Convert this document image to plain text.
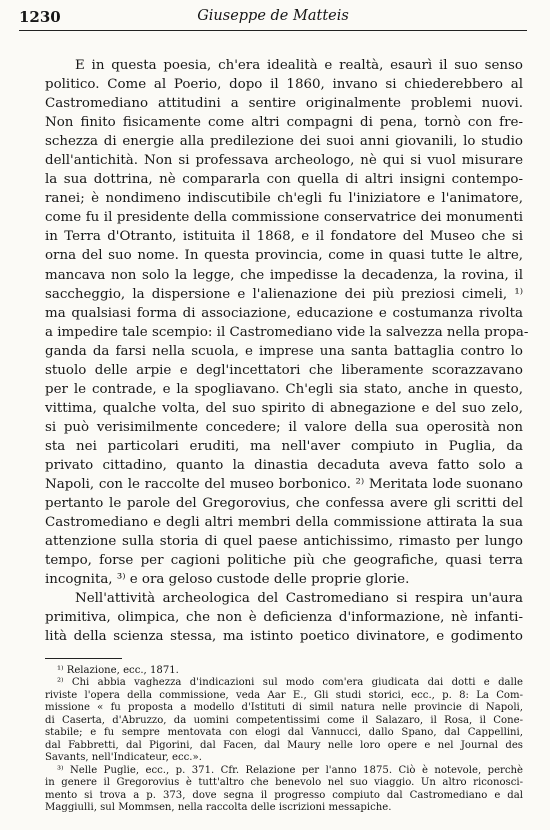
1230	Giuseppe de Matteis
E in questa poesia, ch'era idealità e realtà, esaurì il suo senso
politico. Come al Poerio, dopo il 1860, invano si chiederebbero al
Castromediano attitudini a sentire originalmente problemi nuovi.
Non finito fisicamente come altri compagni di pena, tornò con fre-
schezza di energie alla predilezione dei suoi anni giovanili, lo studio
dell'antichità. Non si professava archeologo, nè qui si vuol misurare
la sua dottrina, nè compararla con quella di altri insigni contempo-
ranei; è nondimeno indiscutibile ch'egli fu l'iniziatore e l'animatore,
come fu il presidente della commissione conservatrice dei monumenti
in Terra d'Otranto, istituita il 1868, e il fondatore del Museo che si
orna del suo nome. In questa provincia, come in quasi tutte le altre,
mancava non solo la legge, che impedisse la decadenza, la rovina, il
saccheggio, la dispersione e l'alienazione dei più preziosi cimeli, ¹⁾
ma qualsiasi forma di associazione, educazione e costumanza rivolta
a impedire tale scempio: il Castromediano vide la salvezza nella propa-
ganda da farsi nella scuola, e imprese una santa battaglia contro lo
stuolo delle arpie e degl'incettatori che liberamente scorazzavano
per le contrade, e la spogliavano. Ch'egli sia stato, anche in questo,
vittima, qualche volta, del suo spirito di abnegazione e del suo zelo,
si può verisimilmente concedere; il valore della sua operosità non
sta nei particolari eruditi, ma nell'aver compiuto in Puglia, da
privato cittadino, quanto la dinastia decaduta aveva fatto solo a
Napoli, con le raccolte del museo borbonico. ²⁾ Meritata lode suonano
pertanto le parole del Gregorovius, che confessa avere gli scritti del
Castromediano e degli altri membri della commissione attirata la sua
attenzione sulla storia di quel paese antichissimo, rimasto per lungo
tempo, forse per cagioni politiche più che geografiche, quasi terra
incognita, ³⁾ e ora geloso custode delle proprie glorie.
Nell'attività archeologica del Castromediano si respira un'aura
primitiva, olimpica, che non è deficienza d'informazione, nè infanti-
lità della scienza stessa, ma istinto poetico divinatore, e godimento
¹⁾ Relazione, ecc., 1871.
²⁾ Chi abbia vaghezza d'indicazioni sul modo com'era giudicata dai dotti e dalle
riviste l'opera della commissione, veda Aar E., Gli studi storici, ecc., p. 8: La Com-
missione « fu proposta a modello d'Istituti di simil natura nelle provincie di Napoli,
di Caserta, d'Abruzzo, da uomini competentissimi come il Salazaro, il Rosa, il Cone-
stabile; e fu sempre mentovata con elogi dal Vannucci, dallo Spano, dal Cappellini,
dal Fabbretti, dal Pigorini, dal Facen, dal Maury nelle loro opere e nel Journal des
Savants, nell'Indicateur, ecc.».
³⁾ Nelle Puglie, ecc., p. 371. Cfr. Relazione per l'anno 1875. Ciò è notevole, perchè
in genere il Gregorovius è tutt'altro che benevolo nel suo viaggio. Un altro riconosci-
mento si trova a p. 373, dove segna il progresso compiuto dal Castromediano e dal
Maggiulli, sul Mommsen, nella raccolta delle iscrizioni messapiche.
